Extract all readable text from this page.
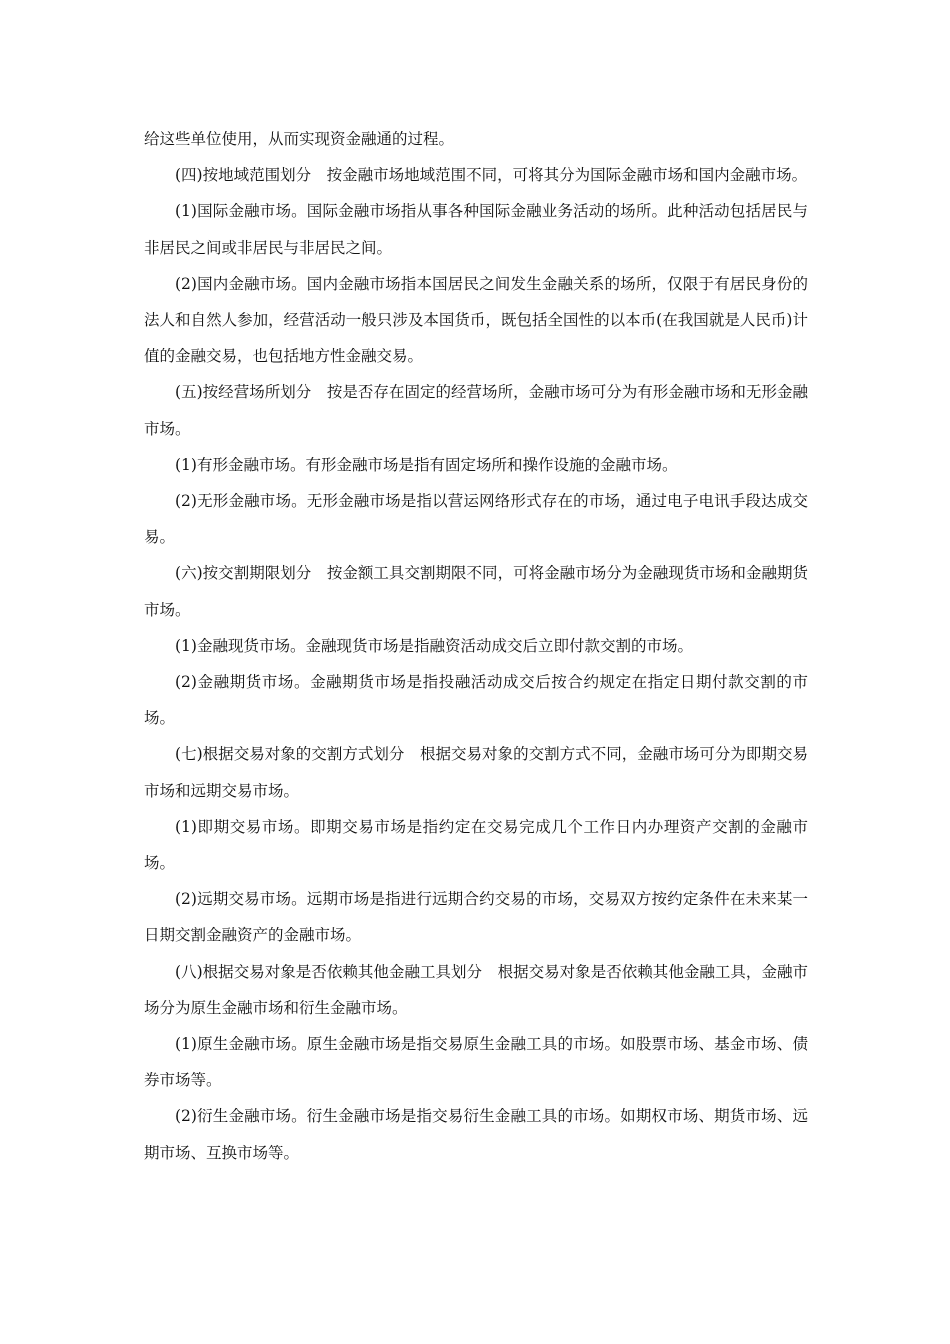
给这些单位使用，从而实现资金融通的过程。

(四)按地域范围划分　按金融市场地域范围不同，可将其分为国际金融市场和国内金融市场。

(1)国际金融市场。国际金融市场指从事各种国际金融业务活动的场所。此种活动包括居民与非居民之间或非居民与非居民之间。

(2)国内金融市场。国内金融市场指本国居民之间发生金融关系的场所，仅限于有居民身份的法人和自然人参加，经营活动一般只涉及本国货币，既包括全国性的以本币(在我国就是人民币)计值的金融交易，也包括地方性金融交易。

(五)按经营场所划分　按是否存在固定的经营场所，金融市场可分为有形金融市场和无形金融市场。

(1)有形金融市场。有形金融市场是指有固定场所和操作设施的金融市场。

(2)无形金融市场。无形金融市场是指以营运网络形式存在的市场，通过电子电讯手段达成交易。

(六)按交割期限划分　按金额工具交割期限不同，可将金融市场分为金融现货市场和金融期货市场。

(1)金融现货市场。金融现货市场是指融资活动成交后立即付款交割的市场。

(2)金融期货市场。金融期货市场是指投融活动成交后按合约规定在指定日期付款交割的市场。

(七)根据交易对象的交割方式划分　根据交易对象的交割方式不同，金融市场可分为即期交易市场和远期交易市场。

(1)即期交易市场。即期交易市场是指约定在交易完成几个工作日内办理资产交割的金融市场。

(2)远期交易市场。远期市场是指进行远期合约交易的市场，交易双方按约定条件在未来某一日期交割金融资产的金融市场。

(八)根据交易对象是否依赖其他金融工具划分　根据交易对象是否依赖其他金融工具，金融市场分为原生金融市场和衍生金融市场。

(1)原生金融市场。原生金融市场是指交易原生金融工具的市场。如股票市场、基金市场、债券市场等。

(2)衍生金融市场。衍生金融市场是指交易衍生金融工具的市场。如期权市场、期货市场、远期市场、互换市场等。
